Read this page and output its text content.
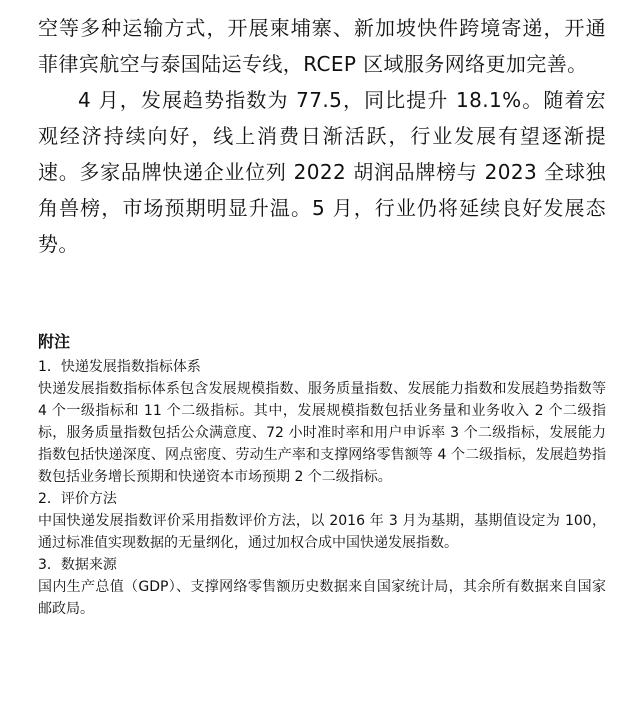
空等多种运输方式，开展柬埔寨、新加坡快件跨境寄递，开通菲律宾航空与泰国陆运专线，RCEP 区域服务网络更加完善。

4 月，发展趋势指数为 77.5，同比提升 18.1%。随着宏观经济持续向好，线上消费日渐活跃，行业发展有望逐渐提速。多家品牌快递企业位列 2022 胡润品牌榜与 2023 全球独角兽榜，市场预期明显升温。5 月，行业仍将延续良好发展态势。

附注

1．快递发展指数指标体系

快递发展指数指标体系包含发展规模指数、服务质量指数、发展能力指数和发展趋势指数等 4 个一级指标和 11 个二级指标。其中，发展规模指数包括业务量和业务收入 2 个二级指标，服务质量指数包括公众满意度、72 小时准时率和用户申诉率 3 个二级指标，发展能力指数包括快递深度、网点密度、劳动生产率和支撑网络零售额等 4 个二级指标，发展趋势指数包括业务增长预期和快递资本市场预期 2 个二级指标。

2．评价方法

中国快递发展指数评价采用指数评价方法，以 2016 年 3 月为基期，基期值设定为 100，通过标准值实现数据的无量纲化，通过加权合成中国快递发展指数。

3．数据来源

国内生产总值（GDP）、支撑网络零售额历史数据来自国家统计局，其余所有数据来自国家邮政局。
